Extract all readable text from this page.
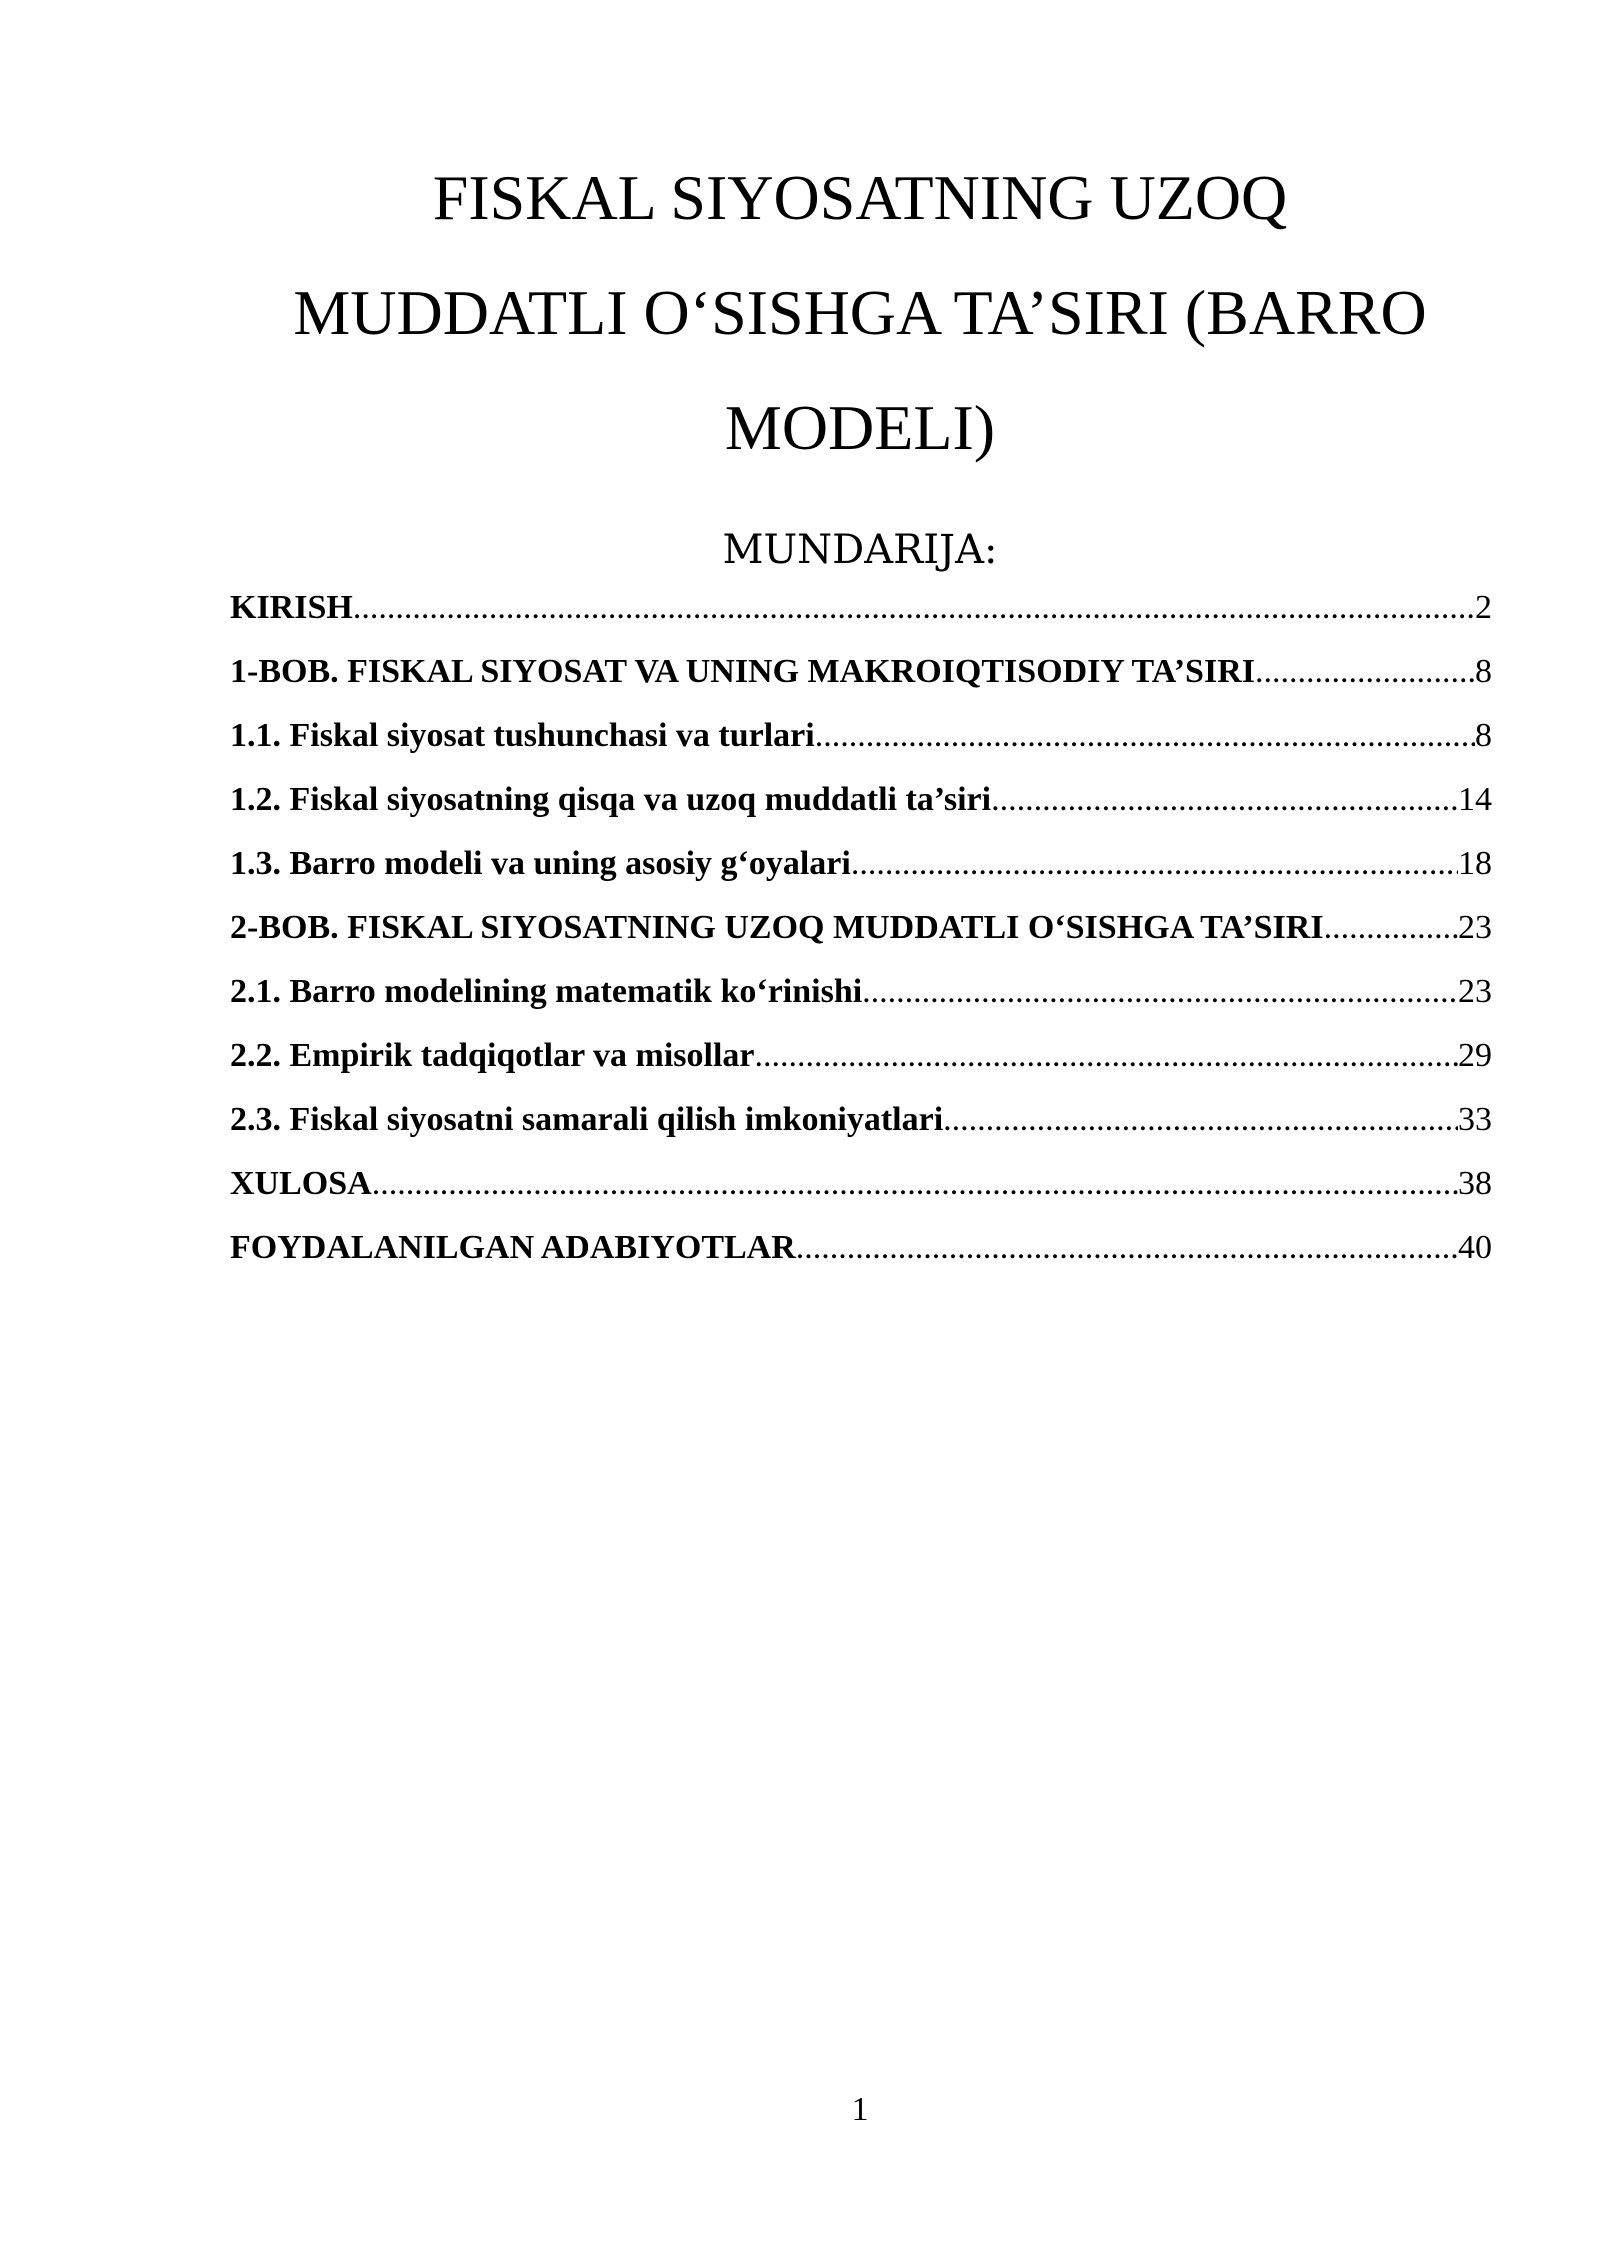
FISKAL SIYOSATNING UZOQ
MUDDATLI O‘SISHGA TA’SIRI (BARRO
MODELI)
MUNDARIJA:
KIRISH .....	2
1-BOB. FISKAL SIYOSAT VA UNING MAKROIQTISODIY TA’SIRI .....	8
1.1. Fiskal siyosat tushunchasi va turlari .....	8
1.2. Fiskal siyosatning qisqa va uzoq muddatli ta’siri .....	14
1.3. Barro modeli va uning asosiy g‘oyalari .....	18
2-BOB. FISKAL SIYOSATNING UZOQ MUDDATLI O‘SISHGA TA’SIRI .....	23
2.1. Barro modelining matematik ko‘rinishi .....	23
2.2. Empirik tadqiqotlar va misollar .....	29
2.3. Fiskal siyosatni samarali qilish imkoniyatlari .....	33
XULOSA .....	38
FOYDALANILGAN ADABIYOTLAR .....	40
1
